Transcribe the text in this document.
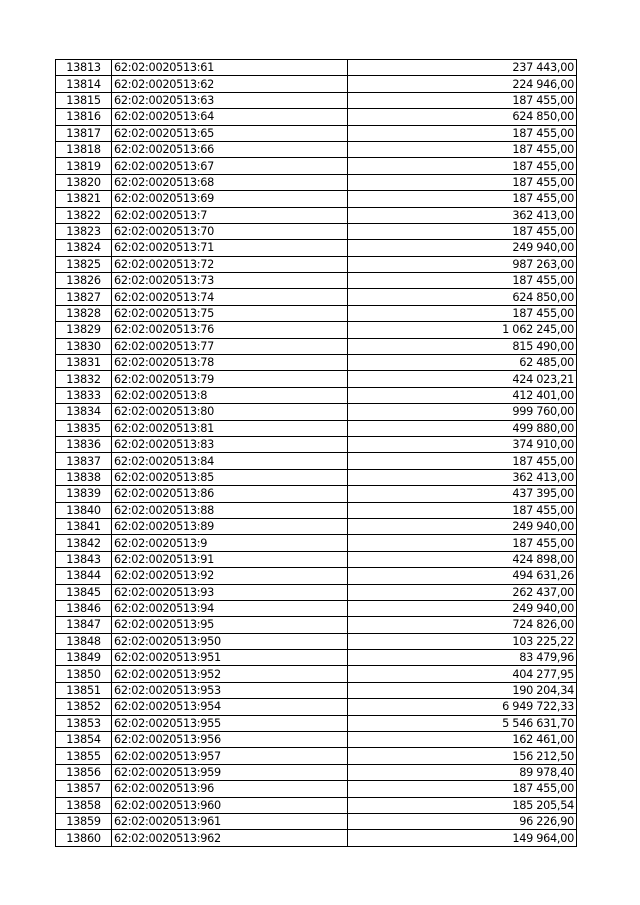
13813	62:02:0020513:61	237 443,00
13814	62:02:0020513:62	224 946,00
13815	62:02:0020513:63	187 455,00
13816	62:02:0020513:64	624 850,00
13817	62:02:0020513:65	187 455,00
13818	62:02:0020513:66	187 455,00
13819	62:02:0020513:67	187 455,00
13820	62:02:0020513:68	187 455,00
13821	62:02:0020513:69	187 455,00
13822	62:02:0020513:7	362 413,00
13823	62:02:0020513:70	187 455,00
13824	62:02:0020513:71	249 940,00
13825	62:02:0020513:72	987 263,00
13826	62:02:0020513:73	187 455,00
13827	62:02:0020513:74	624 850,00
13828	62:02:0020513:75	187 455,00
13829	62:02:0020513:76	1 062 245,00
13830	62:02:0020513:77	815 490,00
13831	62:02:0020513:78	62 485,00
13832	62:02:0020513:79	424 023,21
13833	62:02:0020513:8	412 401,00
13834	62:02:0020513:80	999 760,00
13835	62:02:0020513:81	499 880,00
13836	62:02:0020513:83	374 910,00
13837	62:02:0020513:84	187 455,00
13838	62:02:0020513:85	362 413,00
13839	62:02:0020513:86	437 395,00
13840	62:02:0020513:88	187 455,00
13841	62:02:0020513:89	249 940,00
13842	62:02:0020513:9	187 455,00
13843	62:02:0020513:91	424 898,00
13844	62:02:0020513:92	494 631,26
13845	62:02:0020513:93	262 437,00
13846	62:02:0020513:94	249 940,00
13847	62:02:0020513:95	724 826,00
13848	62:02:0020513:950	103 225,22
13849	62:02:0020513:951	83 479,96
13850	62:02:0020513:952	404 277,95
13851	62:02:0020513:953	190 204,34
13852	62:02:0020513:954	6 949 722,33
13853	62:02:0020513:955	5 546 631,70
13854	62:02:0020513:956	162 461,00
13855	62:02:0020513:957	156 212,50
13856	62:02:0020513:959	89 978,40
13857	62:02:0020513:96	187 455,00
13858	62:02:0020513:960	185 205,54
13859	62:02:0020513:961	96 226,90
13860	62:02:0020513:962	149 964,00
